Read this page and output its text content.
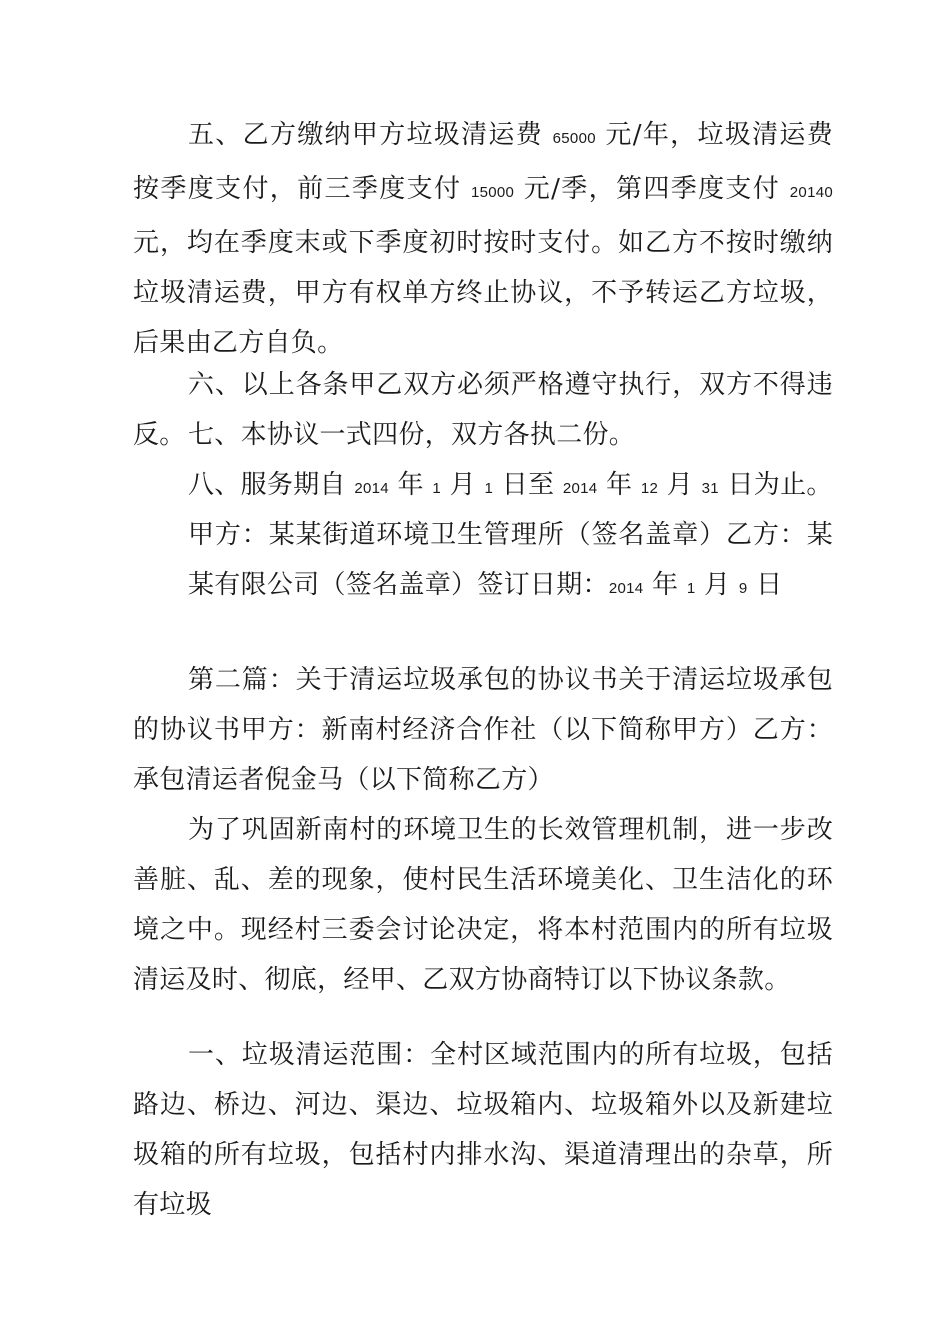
五、乙方缴纳甲方垃圾清运费 65000 元/年，垃圾清运费按季度支付，前三季度支付 15000 元/季，第四季度支付 20140 元，均在季度末或下季度初时按时支付。如乙方不按时缴纳垃圾清运费，甲方有权单方终止协议，不予转运乙方垃圾，后果由乙方自负。

六、以上各条甲乙双方必须严格遵守执行，双方不得违反。 七、本协议一式四份，双方各执二份。

八、服务期自 2014 年 1 月 1 日至 2014 年 12 月 31 日为止。

甲方：某某街道环境卫生管理所（签名盖章）乙方：某某有限公司（签名盖章）签订日期：2014 年 1 月 9 日

第二篇：关于清运垃圾承包的协议书关于清运垃圾承包的协议书甲方：新南村经济合作社（以下简称甲方）乙方：承包清运者倪金马（以下简称乙方）

为了巩固新南村的环境卫生的长效管理机制，进一步改善脏、乱、差的现象，使村民生活环境美化、卫生洁化的环境之中。现经村三委会讨论决定，将本村范围内的所有垃圾清运及时、彻底，经甲、乙双方协商特订以下协议条款。

一、垃圾清运范围：全村区域范围内的所有垃圾，包括路边、桥边、河边、渠边、垃圾箱内、垃圾箱外以及新建垃圾箱的所有垃圾，包括村内排水沟、渠道清理出的杂草，所有垃圾
